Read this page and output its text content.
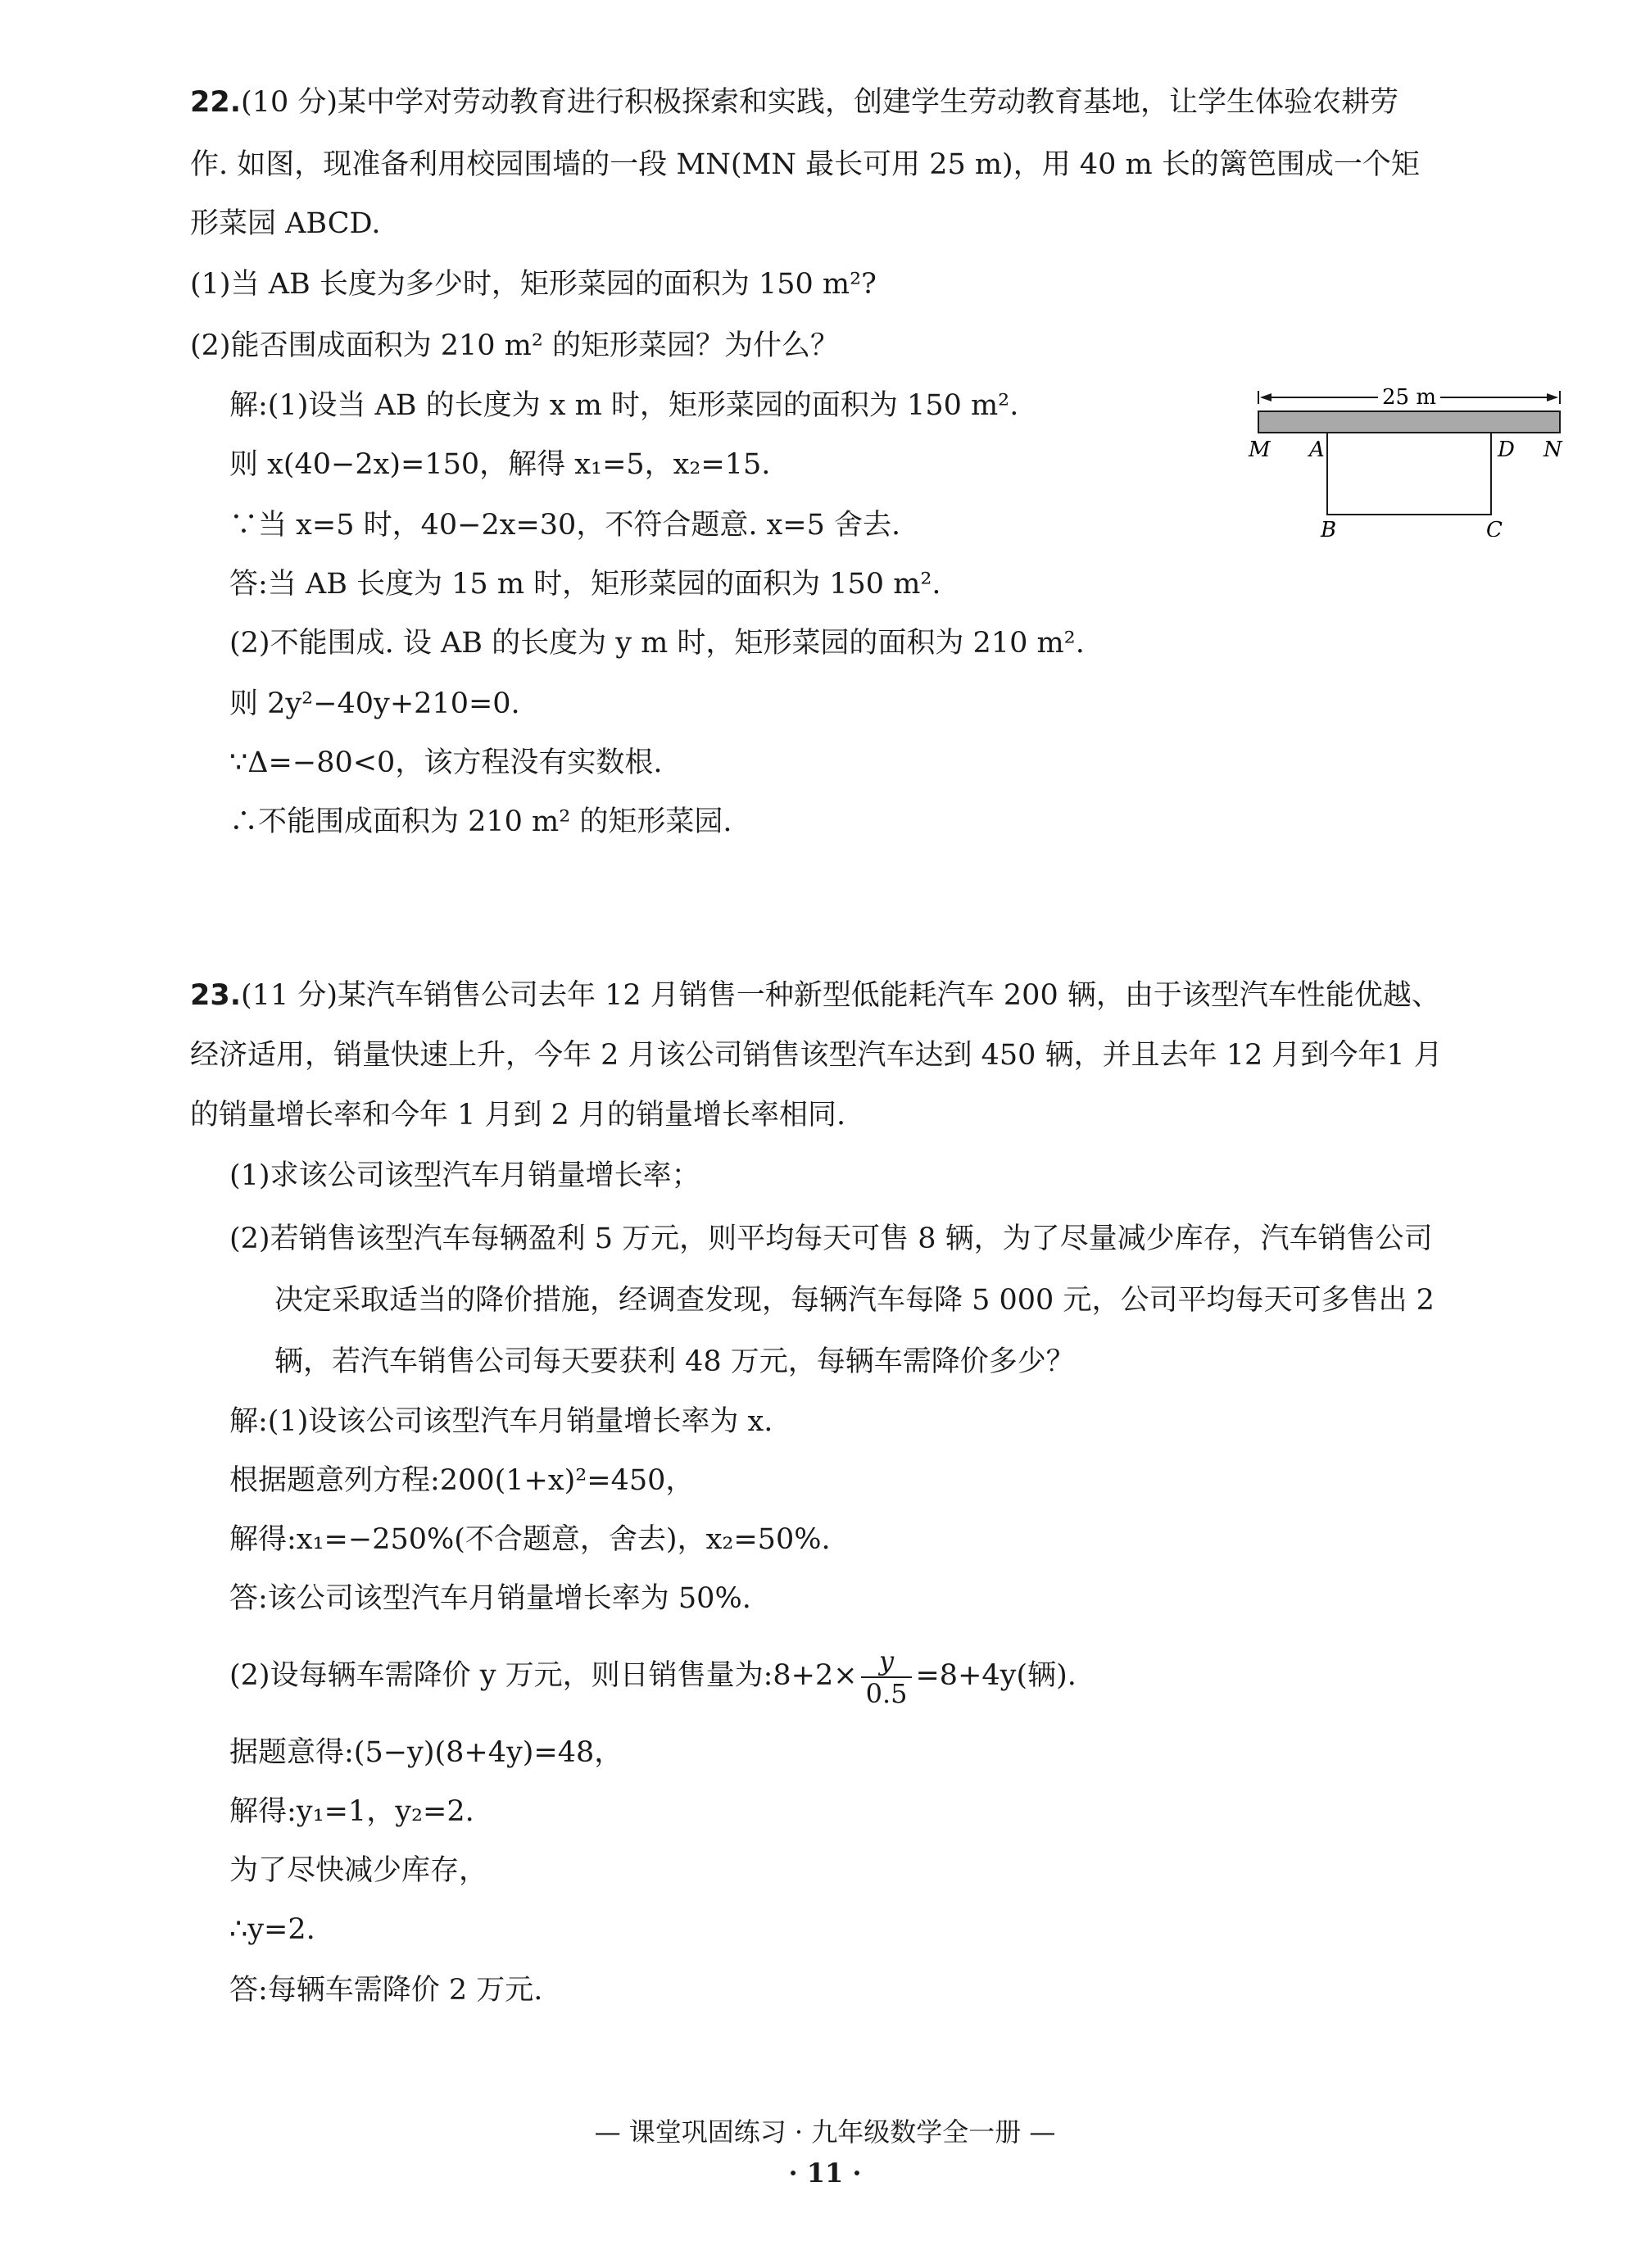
22.(10 分)某中学对劳动教育进行积极探索和实践，创建学生劳动教育基地，让学生体验农耕劳
作. 如图，现准备利用校园围墙的一段 MN(MN 最长可用 25 m)，用 40 m 长的篱笆围成一个矩
形菜园 ABCD.
(1)当 AB 长度为多少时，矩形菜园的面积为 150 m²?
(2)能否围成面积为 210 m² 的矩形菜园？为什么？
解:(1)设当 AB 的长度为 x m 时，矩形菜园的面积为 150 m².
则 x(40−2x)=150，解得 x₁=5，x₂=15.
∵当 x=5 时，40−2x=30，不符合题意. x=5 舍去.
答:当 AB 长度为 15 m 时，矩形菜园的面积为 150 m².
(2)不能围成. 设 AB 的长度为 y m 时，矩形菜园的面积为 210 m².
则 2y²−40y+210=0.
∵Δ=−80<0，该方程没有实数根.
∴不能围成面积为 210 m² 的矩形菜园.
25 m
M A	D N
B	C
23.(11 分)某汽车销售公司去年 12 月销售一种新型低能耗汽车 200 辆，由于该型汽车性能优越、
经济适用，销量快速上升，今年 2 月该公司销售该型汽车达到 450 辆，并且去年 12 月到今年1 月
的销量增长率和今年 1 月到 2 月的销量增长率相同.
(1)求该公司该型汽车月销量增长率；
(2)若销售该型汽车每辆盈利 5 万元，则平均每天可售 8 辆，为了尽量减少库存，汽车销售公司
决定采取适当的降价措施，经调查发现，每辆汽车每降 5 000 元，公司平均每天可多售出 2
辆，若汽车销售公司每天要获利 48 万元，每辆车需降价多少？
解:(1)设该公司该型汽车月销量增长率为 x.
根据题意列方程:200(1+x)²=450，
解得:x₁=−250%(不合题意，舍去)，x₂=50%.
答:该公司该型汽车月销量增长率为 50%.
(2)设每辆车需降价 y 万元，则日销售量为:8+2× $\frac{y}{0.5} =8+4y$(辆).
据题意得:(5−y)(8+4y)=48，
解得:y₁=1，y₂=2.
为了尽快减少库存，
∴y=2.
答:每辆车需降价 2 万元.
— 课堂巩固练习 · 九年级数学全一册 —
· 11 ·
